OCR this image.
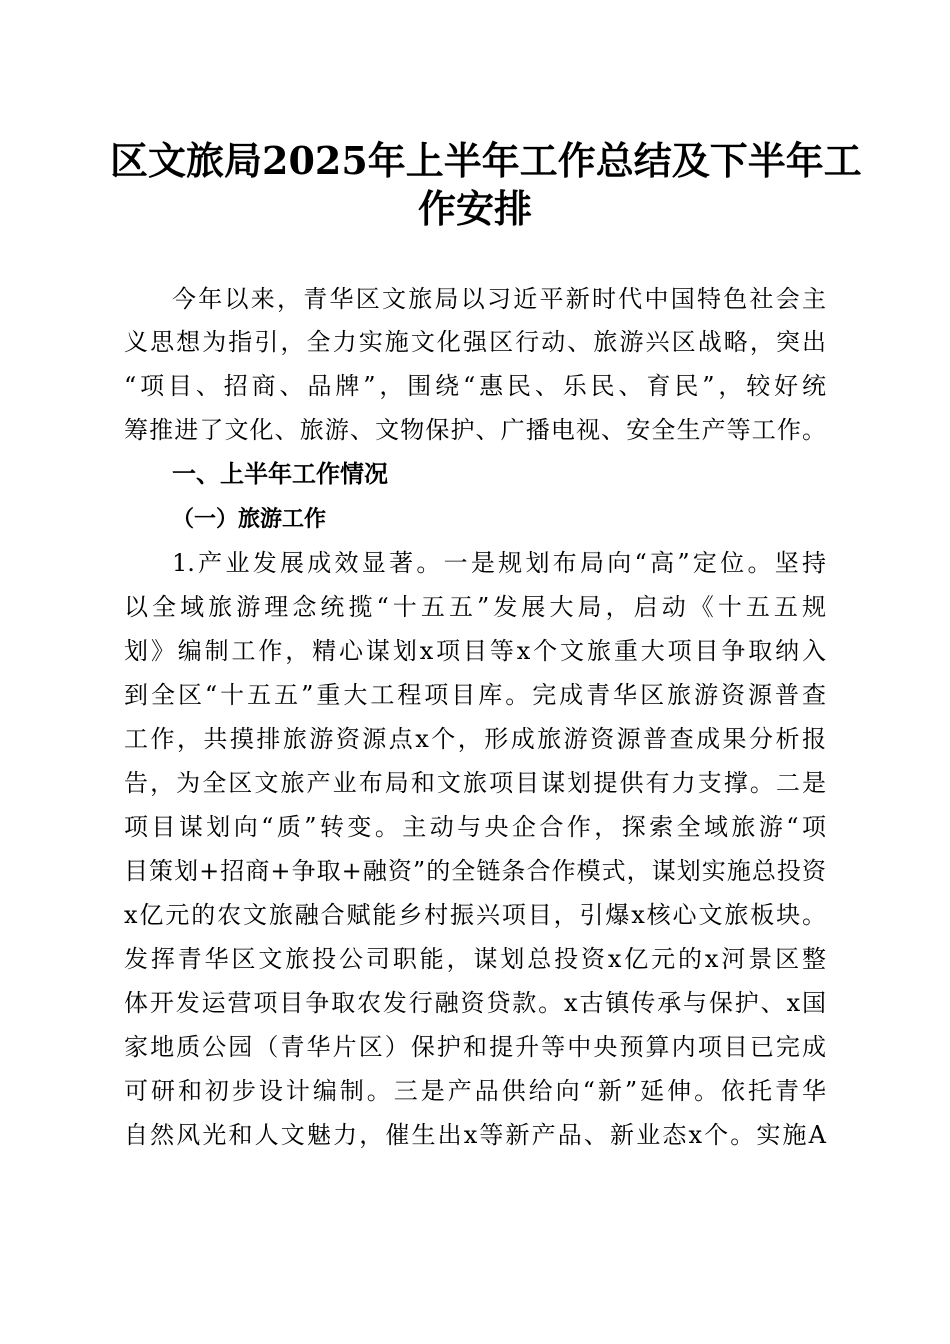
区文旅局2025年上半年工作总结及下半年工
作安排

今年以来，青华区文旅局以习近平新时代中国特色社会主

义思想为指引，全力实施文化强区行动、旅游兴区战略，突出

“项目、招商、品牌”，围绕“惠民、乐民、育民”，较好统

筹推进了文化、旅游、文物保护、广播电视、安全生产等工作。

一、上半年工作情况
（一）旅游工作

1.产业发展成效显著。一是规划布局向“高”定位。坚持

以全域旅游理念统揽“十五五”发展大局，启动《十五五规

划》编制工作，精心谋划x项目等x个文旅重大项目争取纳入

到全区“十五五”重大工程项目库。完成青华区旅游资源普查

工作，共摸排旅游资源点x个，形成旅游资源普查成果分析报

告，为全区文旅产业布局和文旅项目谋划提供有力支撑。二是

项目谋划向“质”转变。主动与央企合作，探索全域旅游“项

目策划+招商+争取+融资”的全链条合作模式，谋划实施总投资

x亿元的农文旅融合赋能乡村振兴项目，引爆x核心文旅板块。

发挥青华区文旅投公司职能，谋划总投资x亿元的x河景区整

体开发运营项目争取农发行融资贷款。x古镇传承与保护、x国

家地质公园（青华片区）保护和提升等中央预算内项目已完成

可研和初步设计编制。三是产品供给向“新”延伸。依托青华

自然风光和人文魅力，催生出x等新产品、新业态x个。实施A
